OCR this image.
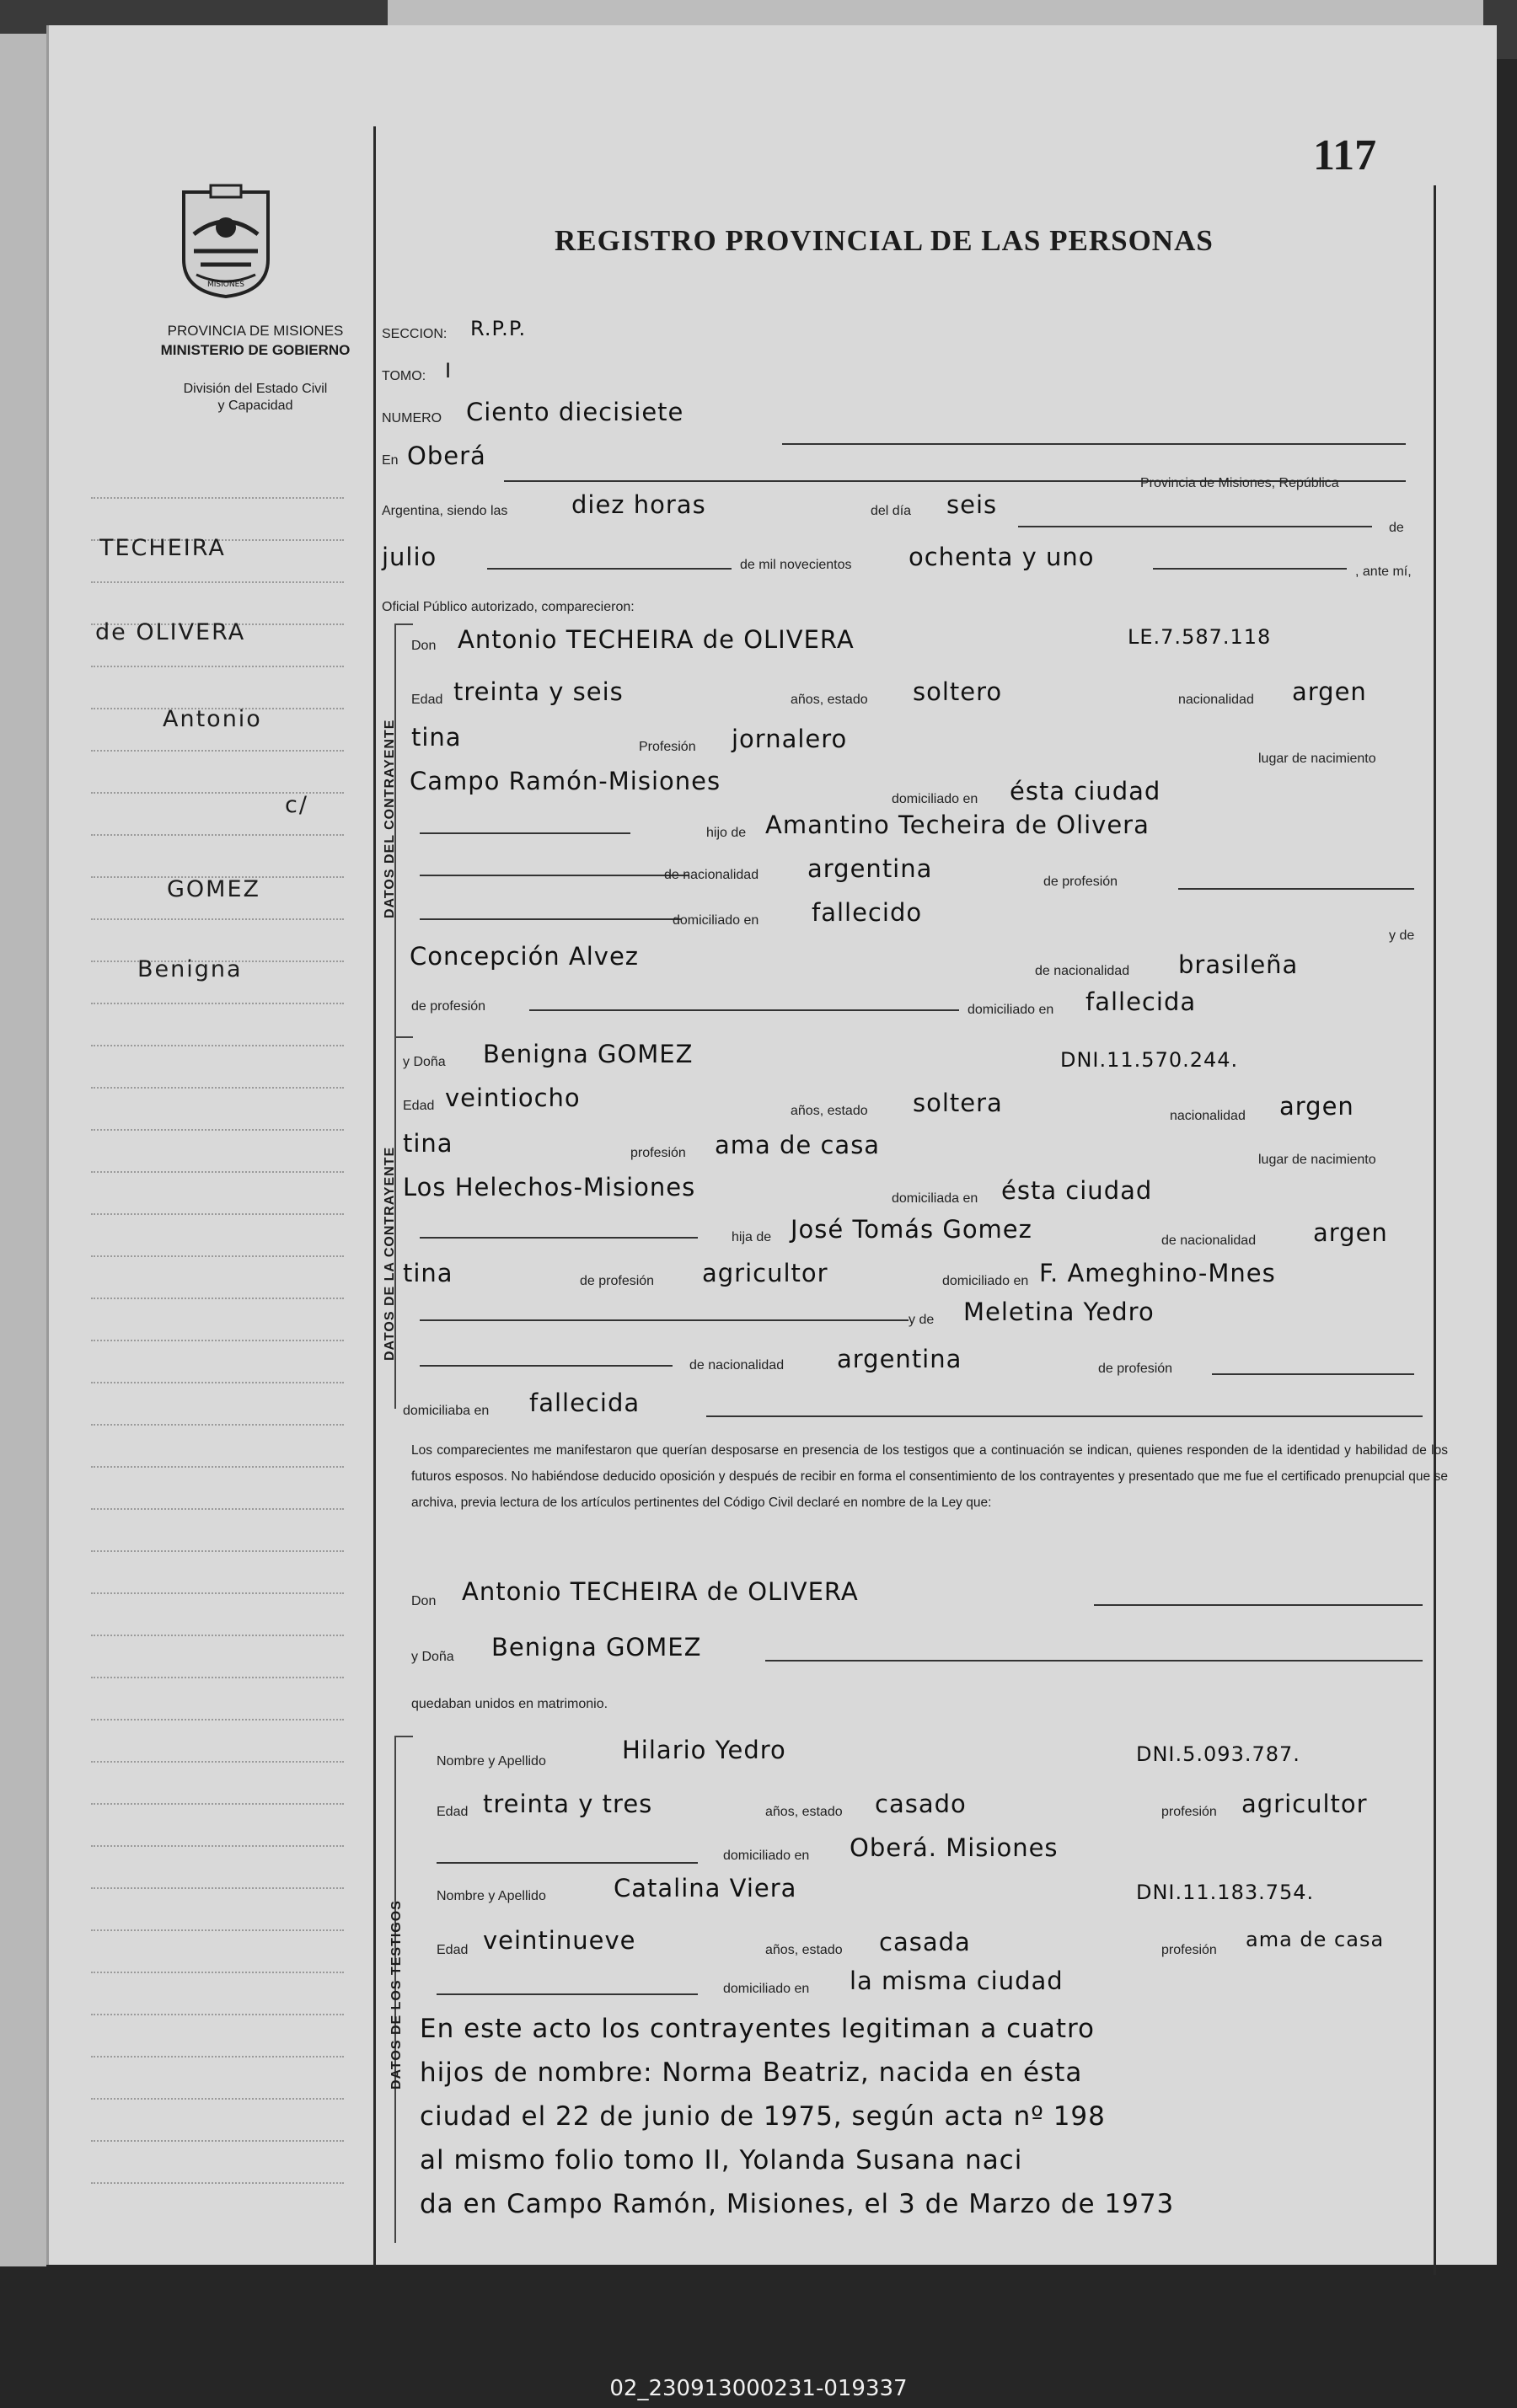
MISIONES
PROVINCIA DE MISIONES
MINISTERIO DE GOBIERNO
División del Estado Civil
y Capacidad
117
REGISTRO PROVINCIAL DE LAS PERSONAS
TECHEIRA
de OLIVERA
Antonio
c/
GOMEZ
Benigna
SECCION: R.P.P.
TOMO: I
NUMERO Ciento diecisiete
En Oberá
Provincia de Misiones, República
Argentina, siendo las	diez horas	del día seis
de
julio	de mil novecientos ochenta y uno
, ante mí,
Oficial Público autorizado, comparecieron:
DATOS DEL CONTRAYENTE
Don Antonio TECHEIRA de OLIVERA	LE.7.587.118
Edad treinta y seis	años, estado soltero	nacionalidad argen
tina	Profesión jornalero
lugar de nacimiento
Campo Ramón-Misiones
domiciliado en ésta ciudad
hijo de Amantino Techeira de Olivera
de nacionalidad argentina	de profesión
domiciliado en fallecido
y de
Concepción Alvez
de nacionalidad brasileña
de profesión	domiciliado en fallecida
DATOS DE LA CONTRAYENTE
y Doña Benigna GOMEZ	DNI.11.570.244.
Edad veintiocho	años, estado soltera	nacionalidad argen
tina	profesión ama de casa
lugar de nacimiento
Los Helechos-Misiones	domiciliada en ésta ciudad
hija de José Tomás Gomez	de nacionalidad argen
tina	de profesión agricultor	domiciliado en F. Ameghino-Mnes
y de Meletina Yedro
de nacionalidad argentina	de profesión
domiciliaba en fallecida
Los comparecientes me manifestaron que querían desposarse en presencia de los testigos que a continuación se indican, quienes responden de la identidad y habilidad de los futuros esposos. No habiéndose deducido oposición y después de recibir en forma el consentimiento de los contrayentes y presentado que me fue el certificado prenupcial que se archiva, previa lectura de los artículos pertinentes del Código Civil declaré en nombre de la Ley que:
Don Antonio TECHEIRA de OLIVERA
y Doña Benigna GOMEZ
quedaban unidos en matrimonio.
DATOS DE LOS TESTIGOS
Nombre y Apellido	Hilario Yedro	DNI.5.093.787.
Edad treinta y tres	años, estado casado	profesión agricultor
domiciliado en Oberá. Misiones
Nombre y Apellido	Catalina Viera	DNI.11.183.754.
Edad veintinueve	años, estado casada	profesión ama de casa
domiciliado en la misma ciudad
En este acto los contrayentes legitiman a cuatro
hijos de nombre: Norma Beatriz, nacida en ésta
ciudad el 22 de junio de 1975, según acta nº 198
al mismo folio tomo II, Yolanda Susana naci
da en Campo Ramón, Misiones, el 3 de Marzo de 1973
02_230913000231-019337
